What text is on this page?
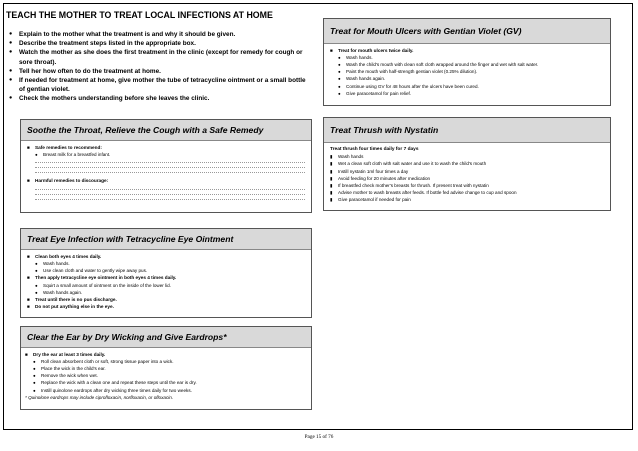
TEACH THE MOTHER TO TREAT LOCAL INFECTIONS AT HOME
● Explain to the mother what the treatment is and why it should be given.
● Describe the treatment steps listed in the appropriate box.
● Watch the mother as she does the first treatment in the clinic (except for remedy for cough or sore throat).
● Tell her how often to do the treatment at home.
● If needed for treatment at home, give mother the tube of tetracycline ointment or a small bottle of gentian violet.
● Check the mothers understanding before she leaves the clinic.
Soothe the Throat, Relieve the Cough with a Safe Remedy
■ Safe remedies to recommend:
● Breast milk for a breastfed infant.
■ Harmful remedies to discourage:
Treat Eye Infection with Tetracycline Eye Ointment
■ Clean both eyes 4 times daily.
● Wash hands.
● Use clean cloth and water to gently wipe away pus.
■ Then apply tetracycline eye ointment in both eyes 4 times daily.
● Squirt a small amount of ointment on the inside of the lower lid.
● Wash hands again.
■ Treat until there is no pus discharge.
■ Do not put anything else in the eye.
Clear the Ear by Dry Wicking and Give Eardrops*
■ Dry the ear at least 3 times daily.
● Roll clean absorbent cloth or soft, strong tissue paper into a wick.
● Place the wick in the child's ear.
● Remove the wick when wet.
● Replace the wick with a clean one and repeat these steps until the ear is dry.
● Instill quinolone eardrops after dry wicking three times daily for two weeks.
* Quinolone eardrops may include ciprofloxacin, norfloxacin, or ofloxacin.
Treat for Mouth Ulcers with Gentian Violet (GV)
■ Treat for mouth ulcers twice daily.
● Wash hands.
● Wash the child's mouth with clean soft cloth wrapped around the finger and wet with salt water.
● Paint the mouth with half-strength gentian violet (0.25% dilution).
● Wash hands again.
● Continue using GV for 48 hours after the ulcers have been cured.
● Give paracetamol for pain relief.
Treat Thrush with Nystatin
Treat thrush four times daily for 7 days
▮ Wash hands
▮ Wet a clean soft cloth with salt water and use it to wash the child's mouth
▮ Instill nystatin 1ml four times a day
▮ Avoid feeding for 20 minutes after medication
▮ If breastfed check mother's breasts for thrush. If present treat with nystatin
▮ Advise mother to wash breasts after feeds. If bottle fed advise change to cup and spoon
▮ Give paracetamol if needed for pain
Page 15 of 76
